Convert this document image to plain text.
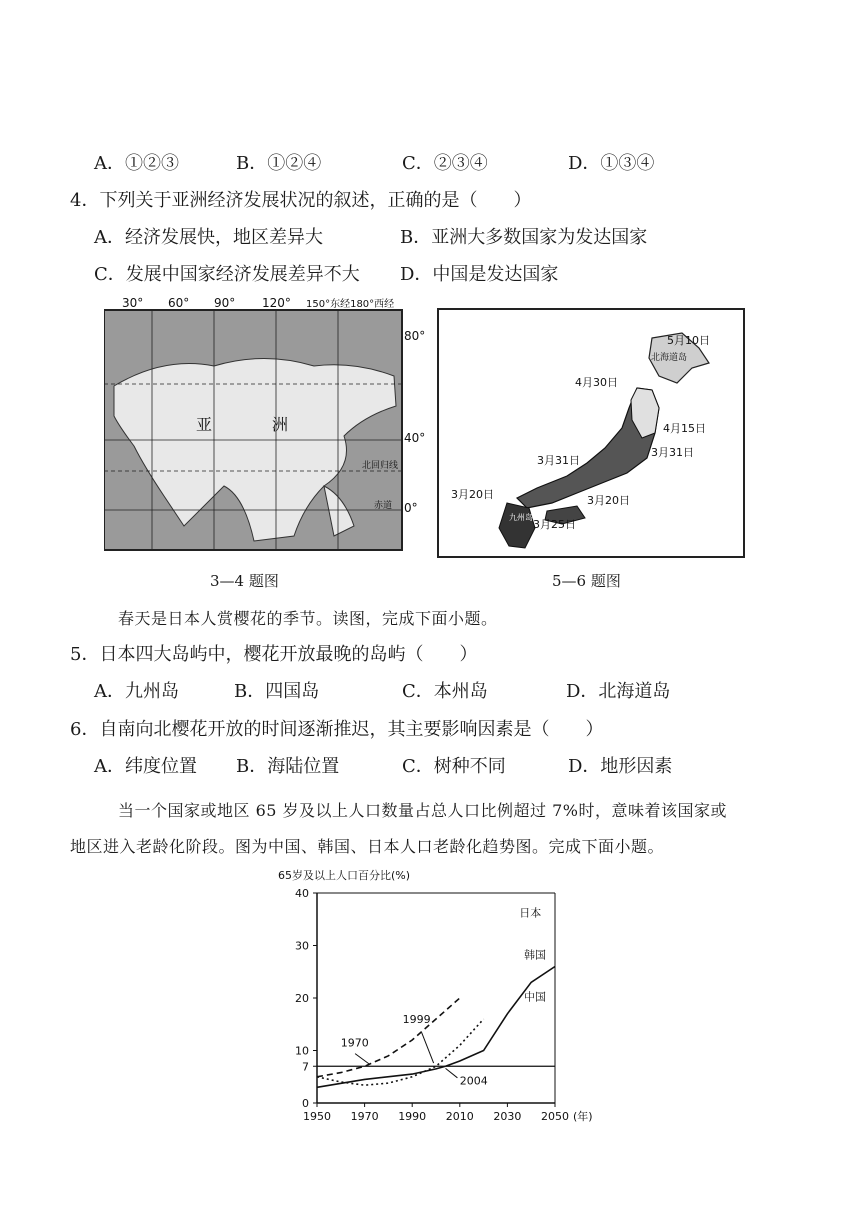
A．①②③	B．①②④	C．②③④	D．①③④
4．下列关于亚洲经济发展状况的叙述，正确的是（　　）
A．经济发展快，地区差异大	B．亚洲大多数国家为发达国家
C．发展中国家经济发展差异不大 D．中国是发达国家
30° 60° 90° 120° 150°东经180°西经
80°
40°
0°
亚	洲
北回归线
赤道
3—4 题图
5月10日
4月30日
4月15日
3月31日
3月31日
3月20日	3月20日
3月25日
北海道岛
九州岛
5—6 题图
春天是日本人赏樱花的季节。读图，完成下面小题。
5．日本四大岛屿中，樱花开放最晚的岛屿（　　）
A．九州岛	B．四国岛	C．本州岛	D．北海道岛
6．自南向北樱花开放的时间逐渐推迟，其主要影响因素是（　　）
A．纬度位置 B．海陆位置	C．树种不同	D．地形因素
当一个国家或地区 65 岁及以上人口数量占总人口比例超过 7%时，意味着该国家或
地区进入老龄化阶段。图为中国、韩国、日本人口老龄化趋势图。完成下面小题。
65岁及以上人口百分比(%)
0
7
10
20
30
40
1950 1970 1990 2010 2030 2050 (年)
日本
韩国
中国
1970
1999
2004
